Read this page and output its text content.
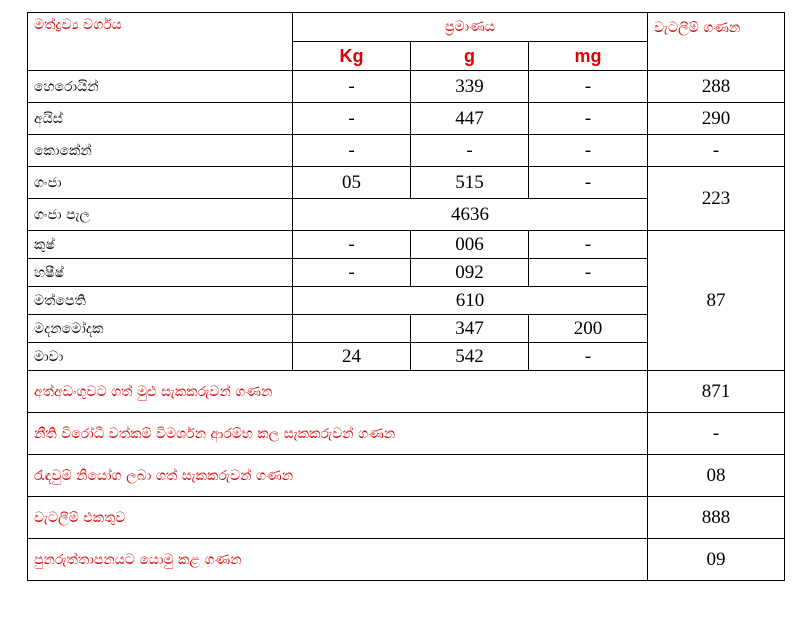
මත්ද්‍රව්‍ය වර්ගය	ප්‍රමාණය			වැටලීම් ගණන
	Kg	g	mg	
හෙරොයින්	-	339	-	288
අයිස්	-	447	-	290
කොකේන්	-	-	-	-
ගංජා	05	515	-	223
ගංජා පැල	4636			
කුෂ්	-	006	-	87
හෂීෂ්	-	092	-	
මත්පෙති	610			
මදනමෝදක		347	200	
මාවා	24	542	-	
අත්අඩංගුවට ගත් මුළු සැකකරුවන් ගණන				871
නීති විරෝධී වත්කම් විමර්ශන ආරම්භ කල සැකකරුවන් ගණන				-
රැඳවුම් නියෝග ලබා ගත් සැකකරුවන් ගණන				08
වැටලීම් එකතුව				888
පුනරුත්තාපනයට යොමු කළ ගණන				09
